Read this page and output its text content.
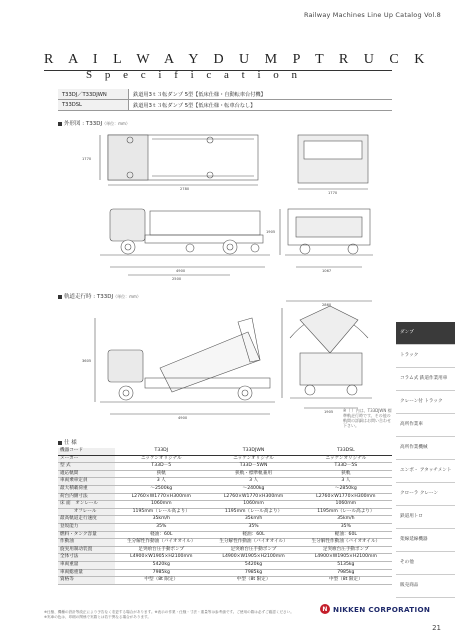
Railway Machines Line Up Catalog Vol.8
R A I L W A Y D U M P T R U C K
S p e c i f i c a t i o n
T33DJ／T33DJWN	鉄道用3ｔ３転ダンプ 5型【低床仕様・自動転車台付機】
T33DSL	鉄道用3ｔ３転ダンプ 5型【低床仕様・転車台なし】
外形図 : T33DJ（単位：mm）
2780
1770
1770
4900
2500
1067
1905
軌道走行時 : T33DJ（単位：mm）
4900
3605
2860
1905 ※（ ）内は、T33DJWN 標準軌走行時です。その他の軌間の詳細はお問い合わせ下さい。
仕 様
機器コード	T33DJ	T33DJWN	T33DSL
メーカー	ニッケンオリジナル	ニッケンオリジナル	ニッケンオリジナル
型 式	T33D－5	T33D－5WN	T33D－5S
適応軌間	狭軌	狭軌・標準軌兼用	狭軌
車両乗車定員	3 人	3 人	3 人
最大積載荷重	～2500kg	～2400kg	～2850kg
荷台内側寸法	L2760×W1770×H300mm	L2760×W1770×H300mm	L2760×W1770×H300mm
床 面　オンレール	1060mm	1060mm	1060mm
　　　オフレール	1195mm（レール高より）	1195mm（レール高より）	1195mm（レール高より）
最高軌道走行速度	35km/h	35km/h	35km/h
登坂能力	35%	35%	35%
燃料・タンク容量	軽油：60L	軽油：60L	軽油：60L
作動油	生分解性作動油（バイオオイル）	生分解性作動油（バイオオイル）	生分解性作動油（バイオオイル）
旋実用制动装置	足突喰台圧手動ポンプ	足突喰台圧手動ポンプ	足突喰台圧手動ポンプ
全体寸法	L4900×W1905×H2100mm	L4900×W1905×H2100mm	L4900×W1905×H2100mm
車両重量	5420kg	5420kg	5135kg
車両総重量	7985kg	7985kg	7985kg
資格等	中型（8t 限定）	中型（8t 限定）	中型（8t 限定）
ダンプ
トラック
コラム式 鉄道作業用車
クレーン付 トラック
高所作業車
高所作業機械
ユンボ・ アタッチメント
クローラ クレーン
鉄道用トロ
架線延線機器
その他
販売商品
※仕様、機種の設計等改正により予告なく変更する場合があります。※表示の作業・仕様・寸法・重量等は参考値です。ご使用の際は必ずご確認ください。※実車の色は、印刷の関係で実際とは若干異なる場合があります。
N NIKKEN CORPORATION
21
